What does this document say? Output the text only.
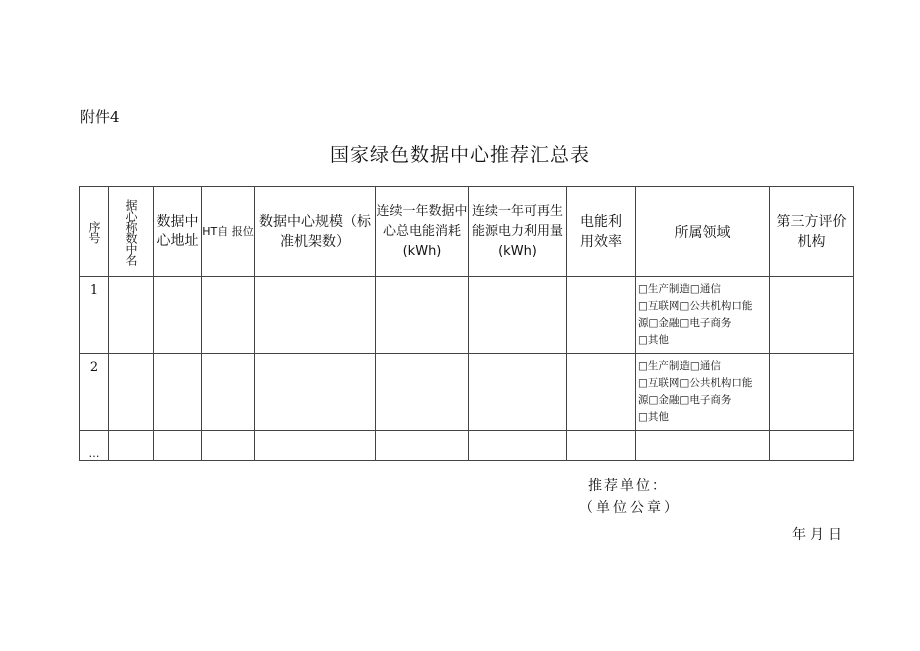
附件4
国家绿色数据中心推荐汇总表
序号	据心称数中名	数据中心地址	HT自 报位	数据中心规模（标准机架数）	连续一年数据中心总电能消耗(kWh)	连续一年可再生能源电力利用量(kWh)	电能利用效率	所属领域	第三方评价机构
1								□生产制造□通信
□互联网□公共机构口能
源□金融□电子商务
□其他	

2								□生产制造□通信
□互联网□公共机构口能
源□金融□电子商务
□其他	

…									
推荐单位：
（单位公章）
年月日
